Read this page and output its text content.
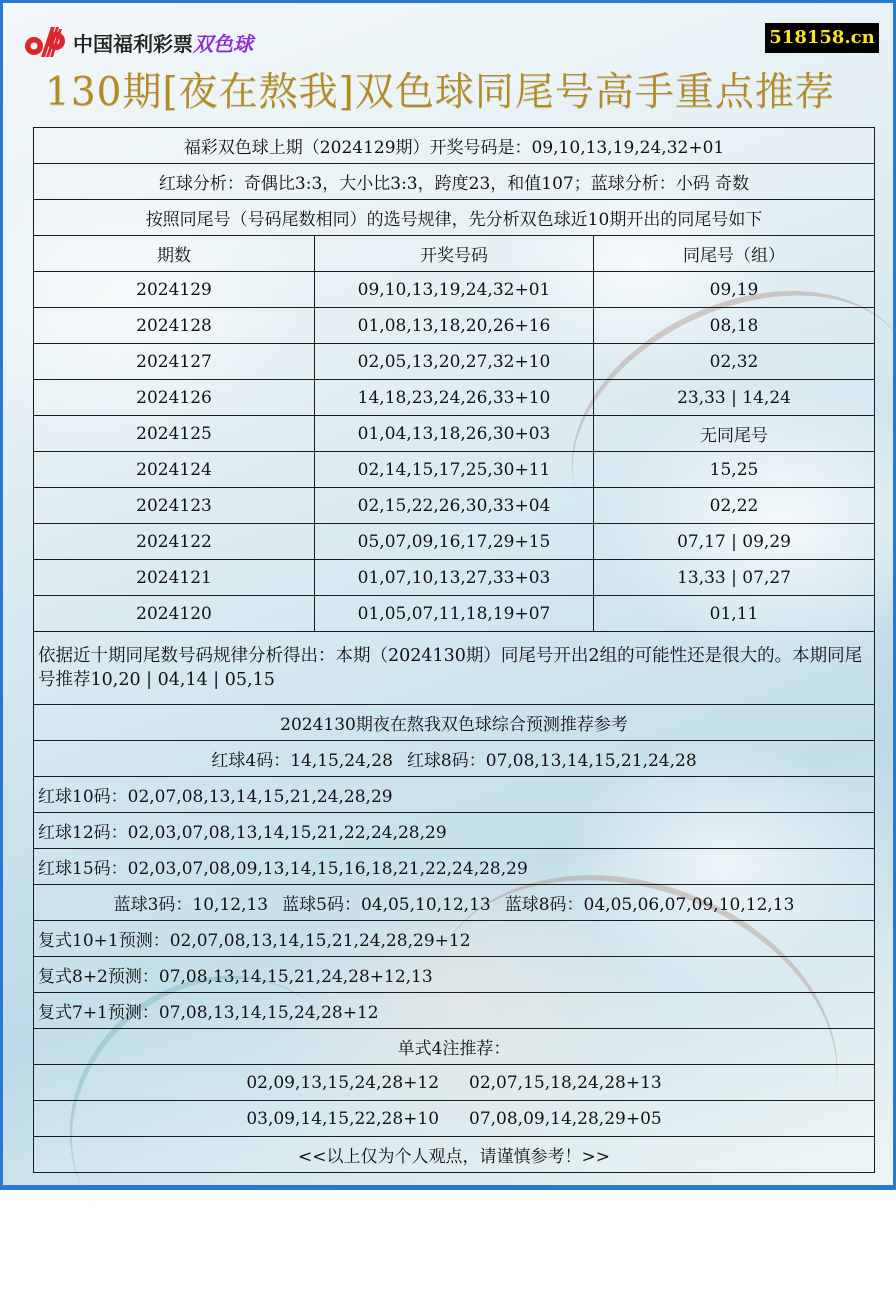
中国福利彩票双色球	518158.cn
130期[夜在熬我]双色球同尾号高手重点推荐
福彩双色球上期（2024129期）开奖号码是：09,10,13,19,24,32+01		
红球分析：奇偶比3:3，大小比3:3，跨度23，和值107；蓝球分析：小码 奇数		
按照同尾号（号码尾数相同）的选号规律，先分析双色球近10期开出的同尾号如下		
期数	开奖号码	同尾号（组）
2024129	09,10,13,19,24,32+01	09,19
2024128	01,08,13,18,20,26+16	08,18
2024127	02,05,13,20,27,32+10	02,32
2024126	14,18,23,24,26,33+10	23,33 | 14,24
2024125	01,04,13,18,26,30+03	无同尾号
2024124	02,14,15,17,25,30+11	15,25
2024123	02,15,22,26,30,33+04	02,22
2024122	05,07,09,16,17,29+15	07,17 | 09,29
2024121	01,07,10,13,27,33+03	13,33 | 07,27
2024120	01,05,07,11,18,19+07	01,11
依据近十期同尾数号码规律分析得出：本期（2024130期）同尾号开出2组的可能性还是很大的。本期同尾号推荐10,20 | 04,14 | 05,15		
2024130期夜在熬我双色球综合预测推荐参考		
红球4码：14,15,24,28 红球8码：07,08,13,14,15,21,24,28		
红球10码：02,07,08,13,14,15,21,24,28,29		
红球12码：02,03,07,08,13,14,15,21,22,24,28,29		
红球15码：02,03,07,08,09,13,14,15,16,18,21,22,24,28,29		
蓝球3码：10,12,13 蓝球5码：04,05,10,12,13 蓝球8码：04,05,06,07,09,10,12,13		
复式10+1预测：02,07,08,13,14,15,21,24,28,29+12		
复式8+2预测：07,08,13,14,15,21,24,28+12,13		
复式7+1预测：07,08,13,14,15,24,28+12		
单式4注推荐：		
02,09,13,15,24,28+12 02,07,15,18,24,28+13		
03,09,14,15,22,28+10 07,08,09,14,28,29+05		
<<以上仅为个人观点，请谨慎参考！>>		
